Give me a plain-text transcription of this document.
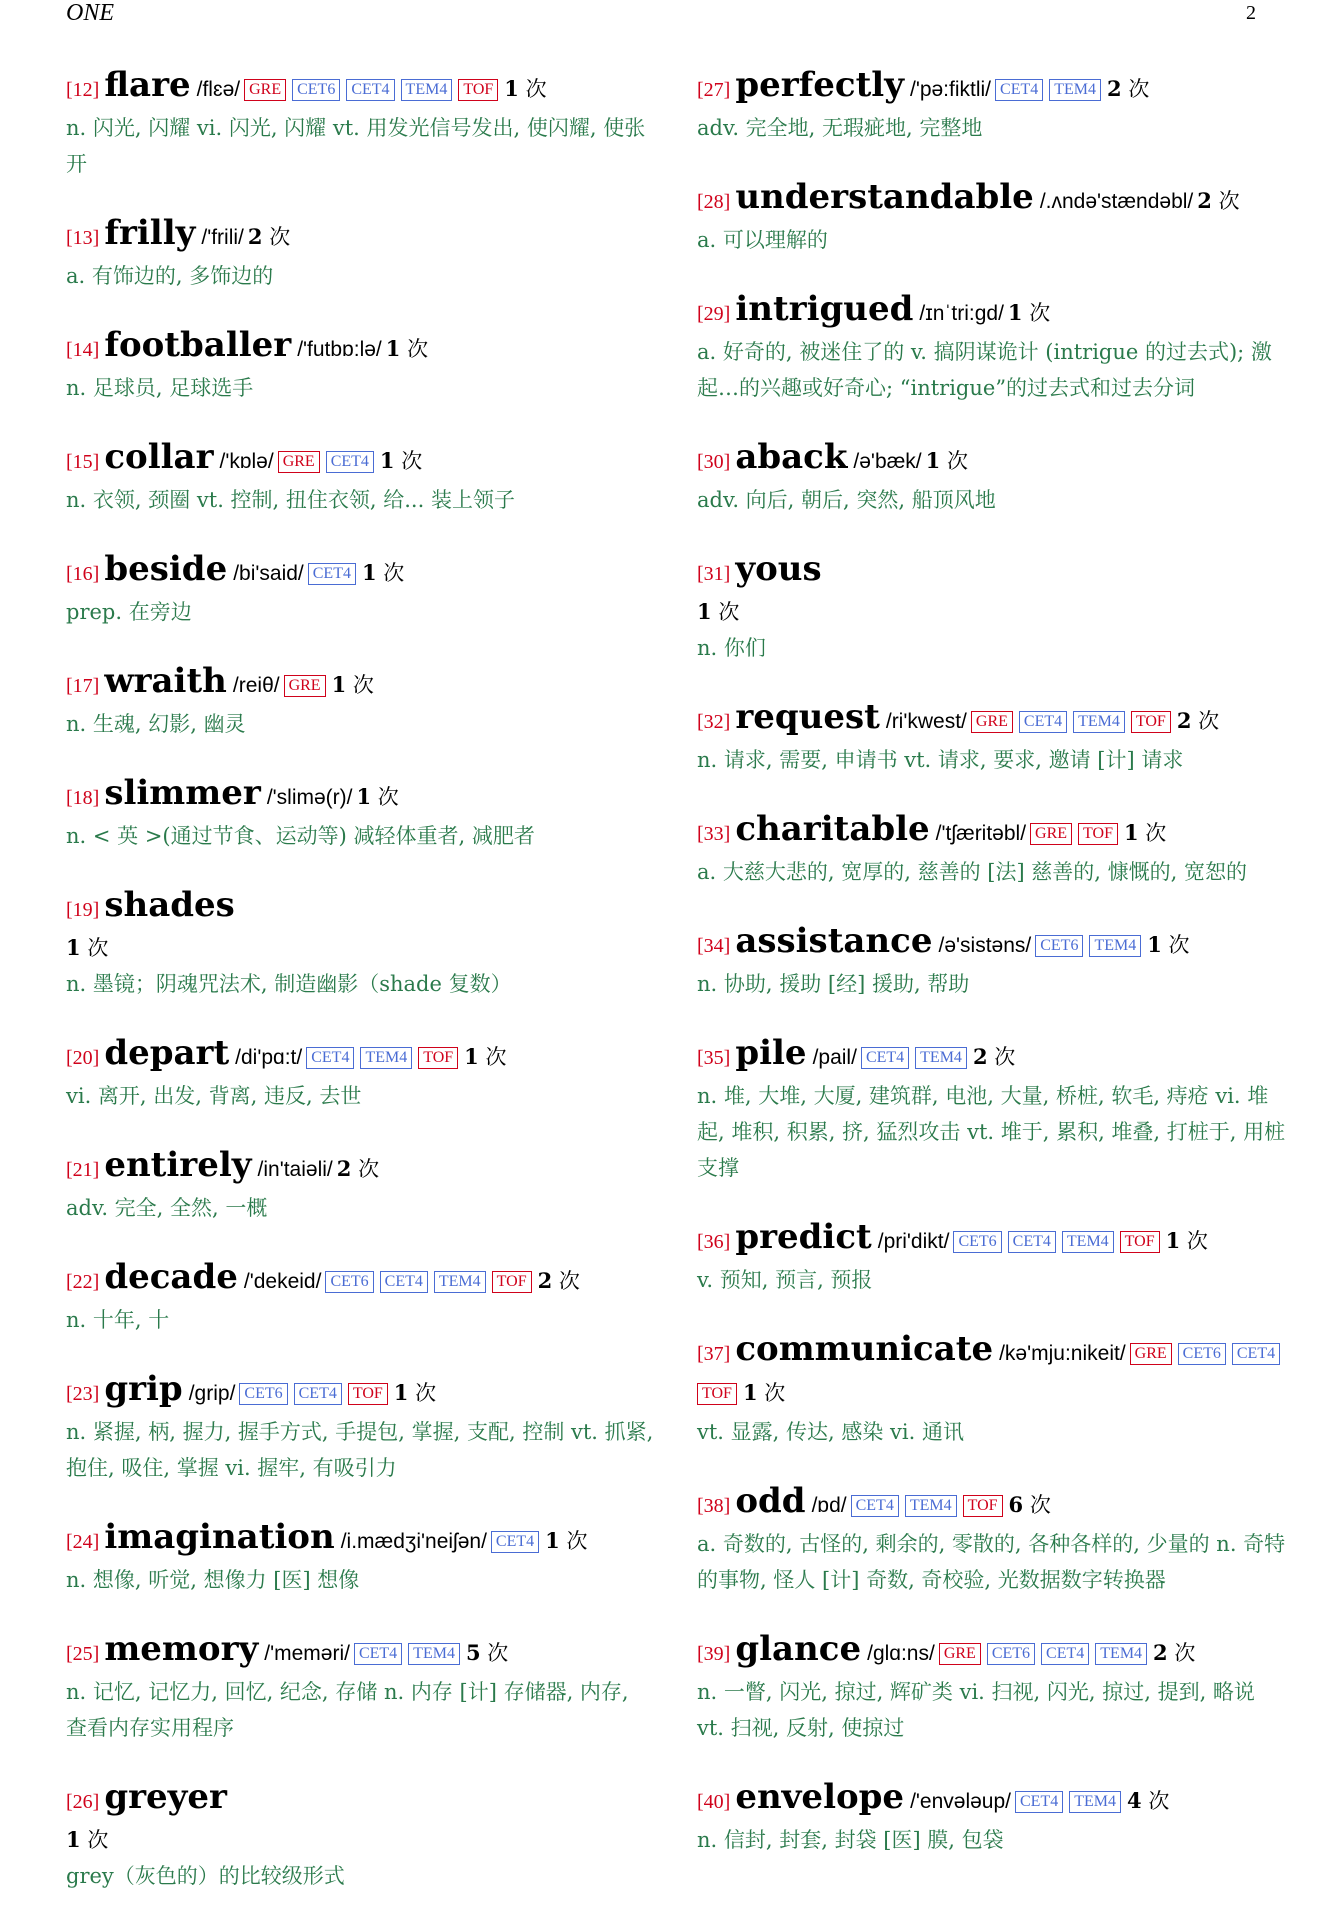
ONE	2
[12] flare /flɛə/ GRE CET6 CET4 TEM4 TOF 1 次
n. 闪光, 闪耀 vi. 闪光, 闪耀 vt. 用发光信号发出, 使闪耀, 使张开
[13] frilly /'frili/ 2 次
a. 有饰边的, 多饰边的
[14] footballer /'futbɒ:lə/ 1 次
n. 足球员, 足球选手
[15] collar /'kɒlə/ GRE CET4 1 次
n. 衣领, 颈圈 vt. 控制, 扭住衣领, 给... 装上领子
[16] beside /bi'said/ CET4 1 次
prep. 在旁边
[17] wraith /reiθ/ GRE 1 次
n. 生魂, 幻影, 幽灵
[18] slimmer /'slimə(r)/ 1 次
n. < 英 >(通过节食、运动等) 减轻体重者, 减肥者
[19] shades
1 次
n. 墨镜；阴魂咒法术, 制造幽影（shade 复数）
[20] depart /di'pɑ:t/ CET4 TEM4 TOF 1 次
vi. 离开, 出发, 背离, 违反, 去世
[21] entirely /in'taiəli/ 2 次
adv. 完全, 全然, 一概
[22] decade /'dekeid/ CET6 CET4 TEM4 TOF 2 次
n. 十年, 十
[23] grip /grip/ CET6 CET4 TOF 1 次
n. 紧握, 柄, 握力, 握手方式, 手提包, 掌握, 支配, 控制 vt. 抓紧, 抱住, 吸住, 掌握 vi. 握牢, 有吸引力
[24] imagination /i.mædʒi'neiʃən/ CET4 1 次
n. 想像, 听觉, 想像力 [医] 想像
[25] memory /'meməri/ CET4 TEM4 5 次
n. 记忆, 记忆力, 回忆, 纪念, 存储 n. 内存 [计] 存储器, 内存, 查看内存实用程序
[26] greyer
1 次
grey（灰色的）的比较级形式
[27] perfectly /'pə:fiktli/ CET4 TEM4 2 次
adv. 完全地, 无瑕疵地, 完整地
[28] understandable /.ʌndə'stændəbl/ 2 次
a. 可以理解的
[29] intrigued /ɪnˈtri:gd/ 1 次
a. 好奇的, 被迷住了的 v. 搞阴谋诡计 (intrigue 的过去式); 激起…的兴趣或好奇心; “intrigue”的过去式和过去分词
[30] aback /ə'bæk/ 1 次
adv. 向后, 朝后, 突然, 船顶风地
[31] yous
1 次
n. 你们
[32] request /ri'kwest/ GRE CET4 TEM4 TOF 2 次
n. 请求, 需要, 申请书 vt. 请求, 要求, 邀请 [计] 请求
[33] charitable /'tʃæritəbl/ GRE TOF 1 次
a. 大慈大悲的, 宽厚的, 慈善的 [法] 慈善的, 慷慨的, 宽恕的
[34] assistance /ə'sistəns/ CET6 TEM4 1 次
n. 协助, 援助 [经] 援助, 帮助
[35] pile /pail/ CET4 TEM4 2 次
n. 堆, 大堆, 大厦, 建筑群, 电池, 大量, 桥桩, 软毛, 痔疮 vi. 堆起, 堆积, 积累, 挤, 猛烈攻击 vt. 堆于, 累积, 堆叠, 打桩于, 用桩支撑
[36] predict /pri'dikt/ CET6 CET4 TEM4 TOF 1 次
v. 预知, 预言, 预报
[37] communicate /kə'mju:nikeit/ GRE CET6 CET4TOF 1 次
vt. 显露, 传达, 感染 vi. 通讯
[38] odd /ɒd/ CET4 TEM4 TOF 6 次
a. 奇数的, 古怪的, 剩余的, 零散的, 各种各样的, 少量的 n. 奇特的事物, 怪人 [计] 奇数, 奇校验, 光数据数字转换器
[39] glance /glɑ:ns/ GRE CET6 CET4 TEM4 2 次
n. 一瞥, 闪光, 掠过, 辉矿类 vi. 扫视, 闪光, 掠过, 提到, 略说 vt. 扫视, 反射, 使掠过
[40] envelope /'envələup/ CET4 TEM4 4 次
n. 信封, 封套, 封袋 [医] 膜, 包袋
